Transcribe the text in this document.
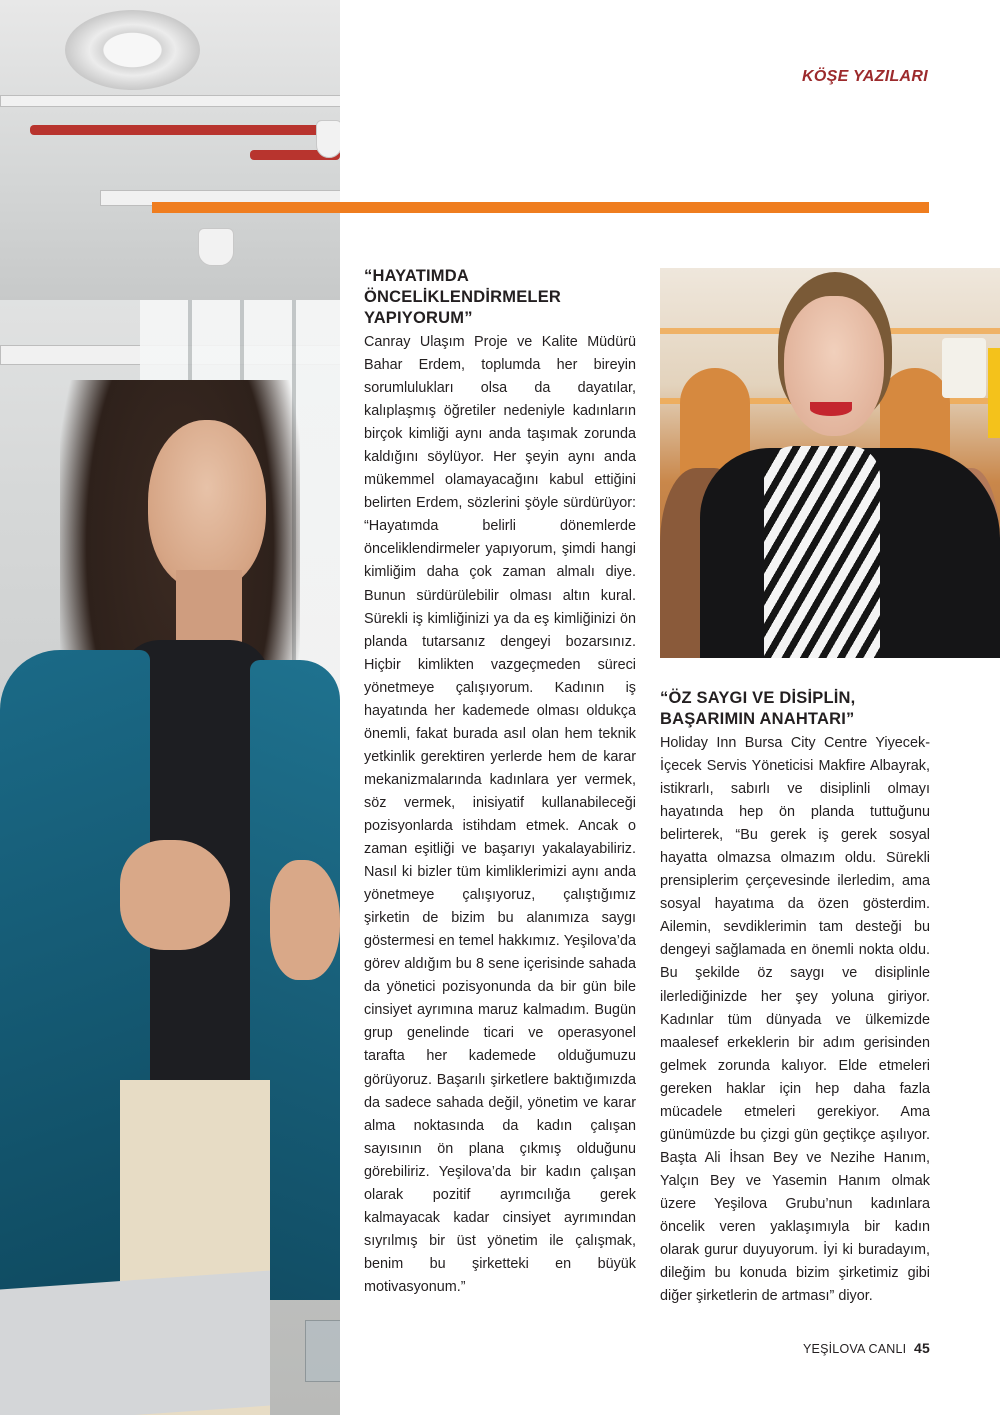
KÖŞE YAZILARI
“HAYATIMDA ÖNCELİKLENDİRMELER YAPIYORUM”

Canray Ulaşım Proje ve Kalite Müdürü Bahar Erdem, toplumda her bireyin sorumlulukları olsa da dayatılar, kalıplaşmış öğretiler nedeniyle kadınların birçok kimliği aynı anda taşımak zorunda kaldığını söylüyor. Her şeyin aynı anda mükemmel olamayacağını kabul ettiğini belirten Erdem, sözlerini şöyle sürdürüyor: “Hayatımda belirli dönemlerde önceliklendirmeler yapıyorum, şimdi hangi kimliğim daha çok zaman almalı diye. Bunun sürdürülebilir olması altın kural. Sürekli iş kimliğinizi ya da eş kimliğinizi ön planda tutarsanız dengeyi bozarsınız. Hiçbir kimlikten vazgeçmeden süreci yönetmeye çalışıyorum. Kadının iş hayatında her kademede olması oldukça önemli, fakat burada asıl olan hem teknik yetkinlik gerektiren yerlerde hem de karar mekanizmalarında kadınlara yer vermek, söz vermek, inisiyatif kullanabileceği pozisyonlarda istihdam etmek. Ancak o zaman eşitliği ve başarıyı yakalayabiliriz. Nasıl ki bizler tüm kimliklerimizi aynı anda yönetmeye çalışıyoruz, çalıştığımız şirketin de bizim bu alanımıza saygı göstermesi en temel hakkımız. Yeşilova’da görev aldığım bu 8 sene içerisinde sahada da yönetici pozisyonunda da bir gün bile cinsiyet ayrımına maruz kalmadım. Bugün grup genelinde ticari ve operasyonel tarafta her kademede olduğumuzu görüyoruz. Başarılı şirketlere baktığımızda da sadece sahada değil, yönetim ve karar alma noktasında da kadın çalışan sayısının ön plana çıkmış olduğunu görebiliriz. Yeşilova’da bir kadın çalışan olarak pozitif ayrımcılığa gerek kalmayacak kadar cinsiyet ayrımından sıyrılmış bir üst yönetim ile çalışmak, benim bu şirketteki en büyük motivasyonum.”

“ÖZ SAYGI VE DİSİPLİN, BAŞARIMIN ANAHTARI”

Holiday Inn Bursa City Centre Yiyecek-İçecek Servis Yöneticisi Makfire Albayrak, istikrarlı, sabırlı ve disiplinli olmayı hayatında hep ön planda tuttuğunu belirterek, “Bu gerek iş gerek sosyal hayatta olmazsa olmazım oldu. Sürekli prensiplerim çerçevesinde ilerledim, ama sosyal hayatıma da özen gösterdim. Ailemin, sevdiklerimin tam desteği bu dengeyi sağlamada en önemli nokta oldu. Bu şekilde öz saygı ve disiplinle ilerlediğinizde her şey yoluna giriyor. Kadınlar tüm dünyada ve ülkemizde maalesef erkeklerin bir adım gerisinden gelmek zorunda kalıyor. Elde etmeleri gereken haklar için hep daha fazla mücadele etmeleri gerekiyor. Ama günümüzde bu çizgi gün geçtikçe aşılıyor. Başta Ali İhsan Bey ve Nezihe Hanım, Yalçın Bey ve Yasemin Hanım olmak üzere Yeşilova Grubu’nun kadınlara öncelik veren yaklaşımıyla bir kadın olarak gurur duyuyorum. İyi ki buradayım, dileğim bu konuda bizim şirketimiz gibi diğer şirketlerin de artması” diyor.

YEŞİLOVA CANLI 45
